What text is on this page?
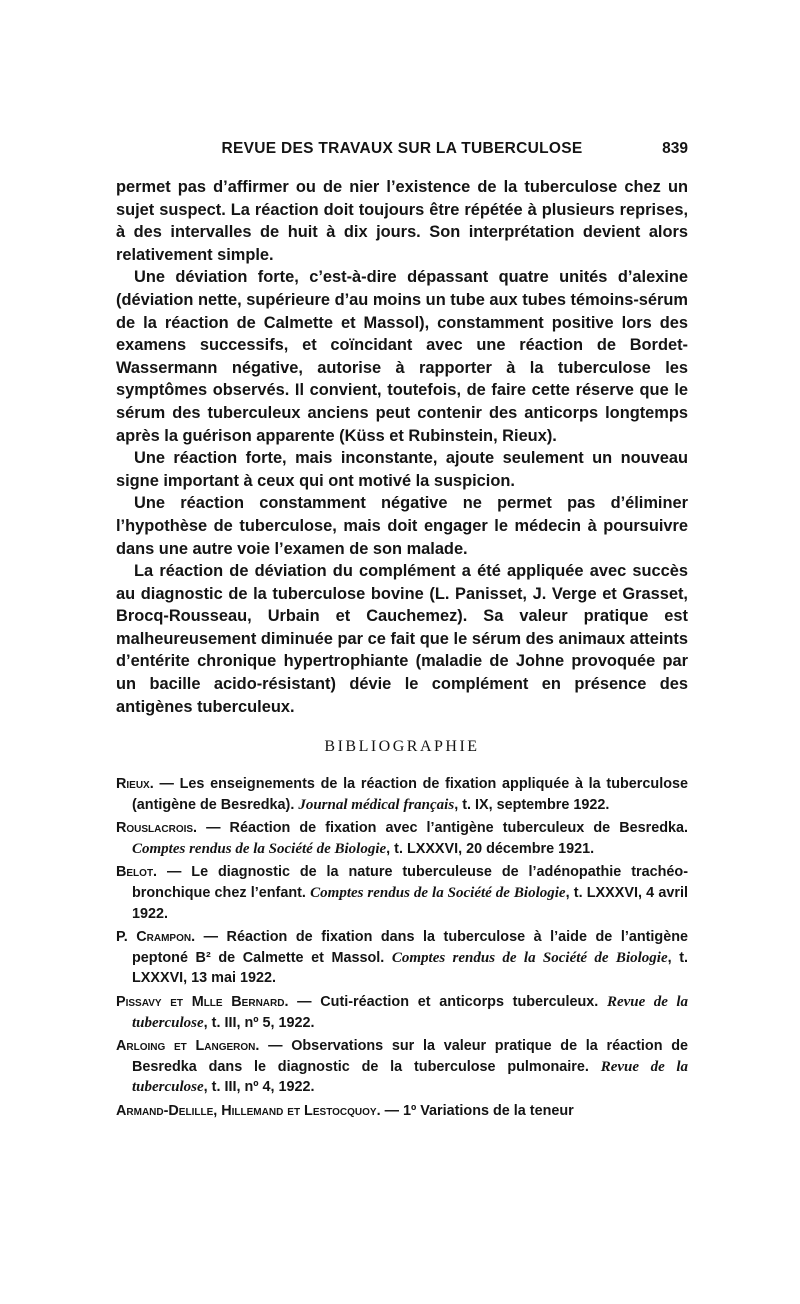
REVUE DES TRAVAUX SUR LA TUBERCULOSE	839

permet pas d’affirmer ou de nier l’existence de la tuberculose chez un sujet suspect. La réaction doit toujours être répétée à plusieurs reprises, à des intervalles de huit à dix jours. Son interprétation devient alors relativement simple.

Une déviation forte, c’est-à-dire dépassant quatre unités d’alexine (déviation nette, supérieure d’au moins un tube aux tubes témoins-sérum de la réaction de Calmette et Massol), constamment positive lors des examens successifs, et coïncidant avec une réaction de Bordet-Wassermann négative, autorise à rapporter à la tuberculose les symptômes observés. Il convient, toutefois, de faire cette réserve que le sérum des tuberculeux anciens peut contenir des anticorps longtemps après la guérison apparente (Küss et Rubinstein, Rieux).

Une réaction forte, mais inconstante, ajoute seulement un nouveau signe important à ceux qui ont motivé la suspicion.

Une réaction constamment négative ne permet pas d’éliminer l’hypothèse de tuberculose, mais doit engager le médecin à poursuivre dans une autre voie l’examen de son malade.

La réaction de déviation du complément a été appliquée avec succès au diagnostic de la tuberculose bovine (L. Panisset, J. Verge et Grasset, Brocq-Rousseau, Urbain et Cauchemez). Sa valeur pratique est malheureusement diminuée par ce fait que le sérum des animaux atteints d’entérite chronique hypertrophiante (maladie de Johne provoquée par un bacille acido-résistant) dévie le complément en présence des antigènes tuberculeux.

BIBLIOGRAPHIE

Rieux. — Les enseignements de la réaction de fixation appliquée à la tuberculose (antigène de Besredka). Journal médical français, t. IX, septembre 1922.

Rouslacrois. — Réaction de fixation avec l’antigène tuberculeux de Besredka. Comptes rendus de la Société de Biologie, t. LXXXVI, 20 décembre 1921.

Belot. — Le diagnostic de la nature tuberculeuse de l’adénopathie trachéo-bronchique chez l’enfant. Comptes rendus de la Société de Biologie, t. LXXXVI, 4 avril 1922.

P. Crampon. — Réaction de fixation dans la tuberculose à l’aide de l’antigène peptoné B² de Calmette et Massol. Comptes rendus de la Société de Biologie, t. LXXXVI, 13 mai 1922.

Pissavy et Mlle Bernard. — Cuti-réaction et anticorps tuberculeux. Revue de la tuberculose, t. III, nº 5, 1922.

Arloing et Langeron. — Observations sur la valeur pratique de la réaction de Besredka dans le diagnostic de la tuberculose pulmonaire. Revue de la tuberculose, t. III, nº 4, 1922.

Armand-Delille, Hillemand et Lestocquoy. — 1º Variations de la teneur
